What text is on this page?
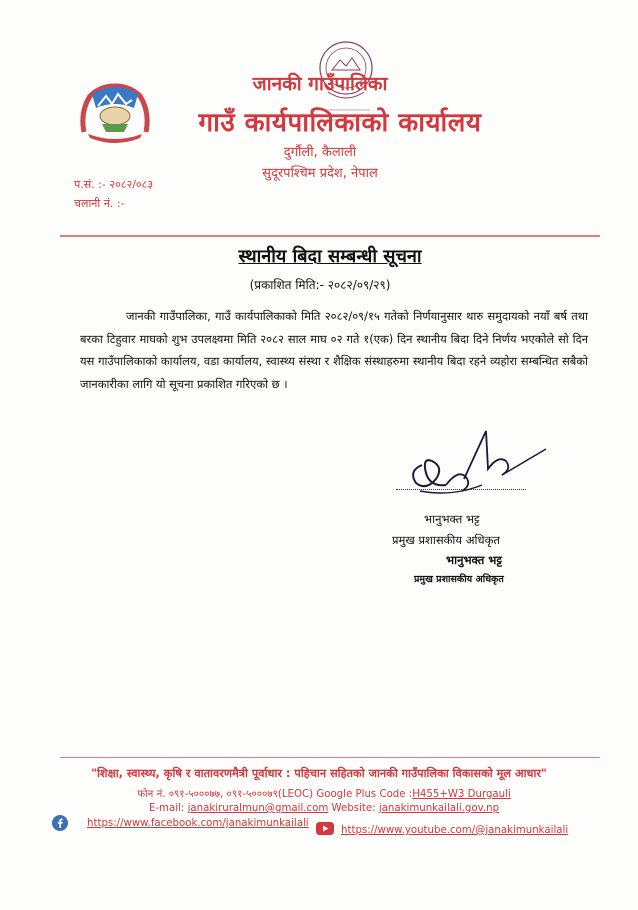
जानकी गाउँपालिका
गाउँ कार्यपालिकाको कार्यालय
दुर्गौली, कैलाली
सुदूरपश्चिम प्रदेश, नेपाल
प.सं. :- २०८२/०८३
चलानी नं. :-
स्थानीय बिदा सम्बन्धी सूचना
(प्रकाशित मिति:- २०८२/०९/२९)
जानकी गाउँपालिका, गाउँ कार्यपालिकाको मिति २०८२/०९/१५ गतेको निर्णयानुसार थारु समुदायको नयाँ बर्ष तथा बरका टिहुवार माघको शुभ उपलक्ष्यमा मिति २०८२ साल माघ ०२ गते १(एक) दिन स्थानीय बिदा दिने निर्णय भएकोले सो दिन यस गाउँपालिकाको कार्यालय, वडा कार्यालय, स्वास्थ्य संस्था र शैक्षिक संस्थाहरुमा स्थानीय बिदा रहने व्यहोरा सम्बन्धित सबैको जानकारीका लागि यो सूचना प्रकाशित गरिएको छ ।
भानुभक्त भट्ट
प्रमुख प्रशासकीय अधिकृत
भानुभक्त भट्ट
प्रमुख प्रशासकीय अधिकृत
"शिक्षा, स्वास्थ्य, कृषि र वातावरणमैत्री पूर्वाधार : पहिचान सहितको जानकी गाउँपालिका विकासको मूल आधार"
फोन नं. ०९१-५०००७७, ०९१-५०००७९(LEOC) Google Plus Code :H455+W3 Durgauli
E-mail: janakiruralmun@gmail.com Website: janakimunkailali.gov.np
https://www.facebook.com/janakimunkailali
https://www.youtube.com/@janakimunkailali
